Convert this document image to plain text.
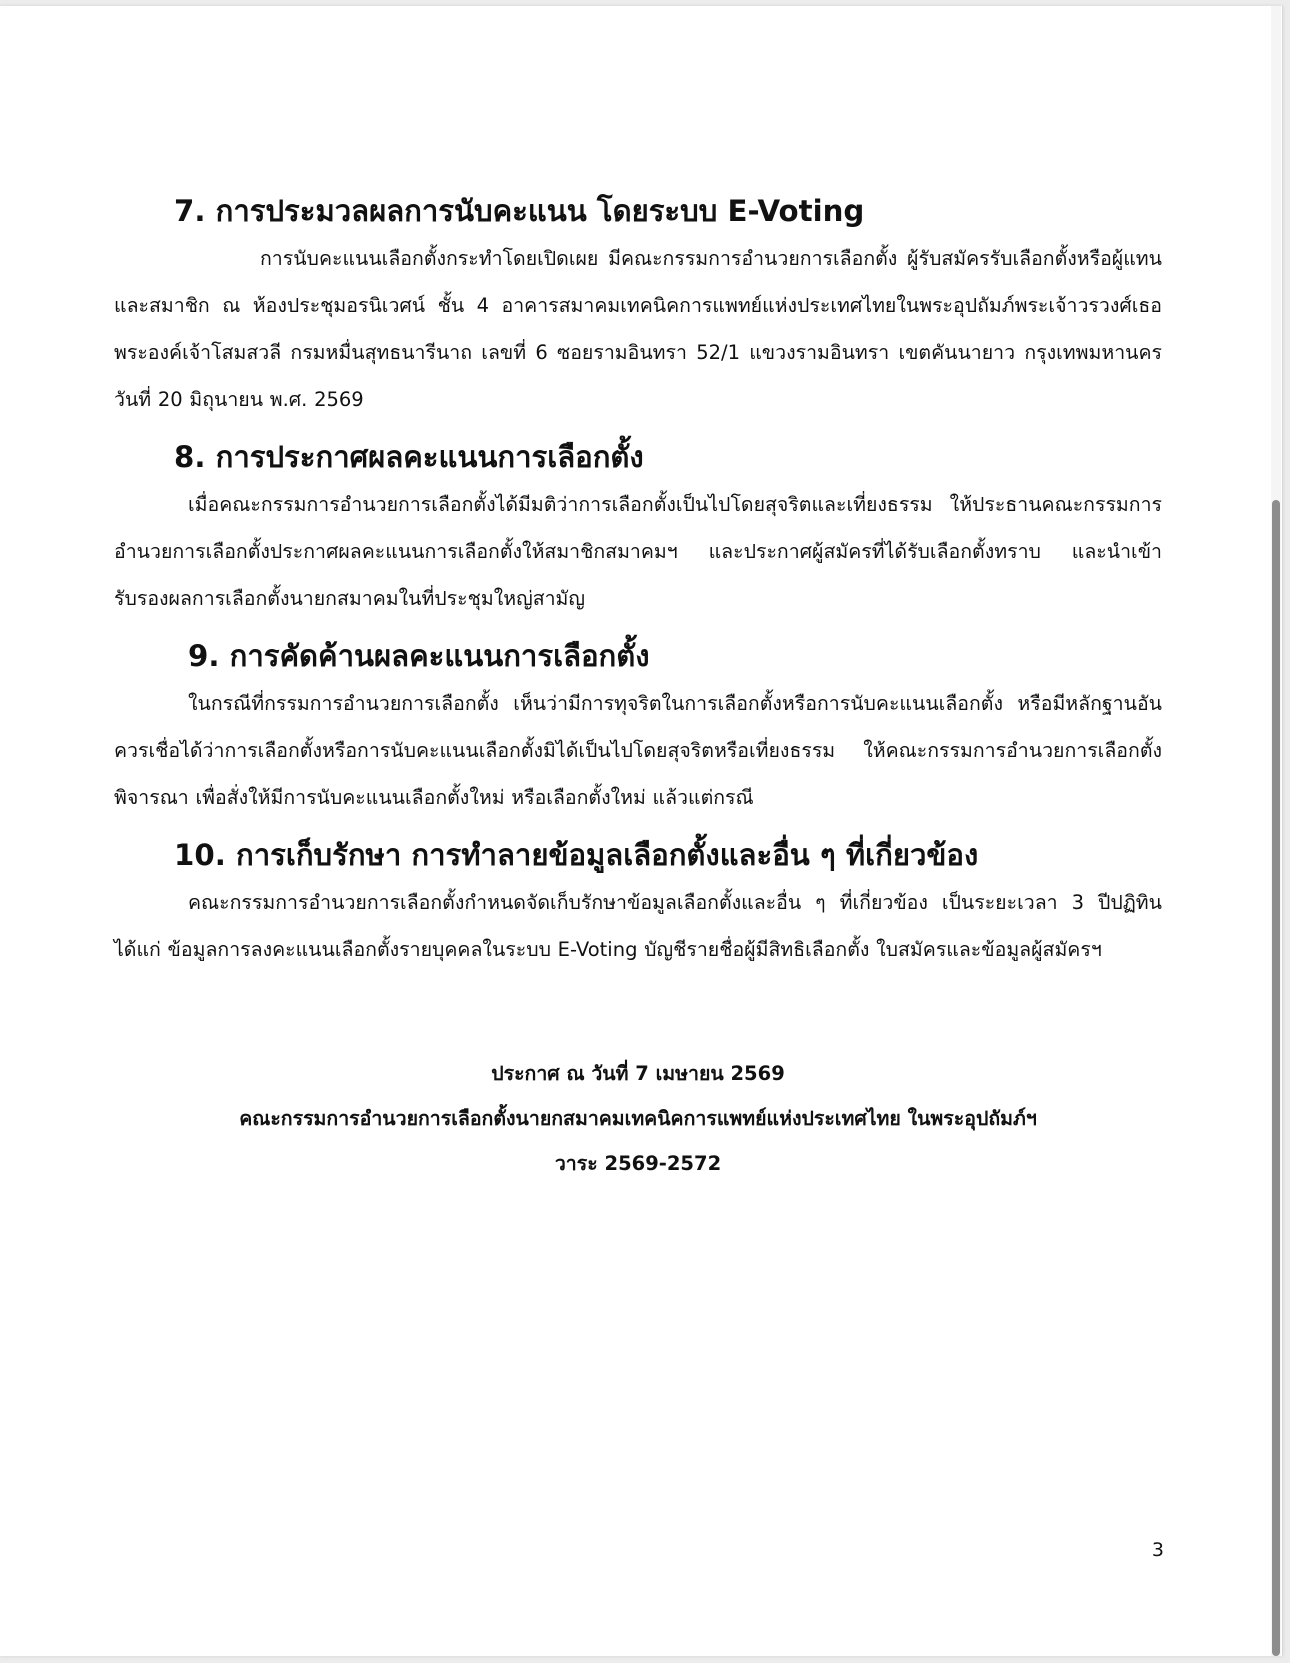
7. การประมวลผลการนับคะแนน โดยระบบ E-Voting

การนับคะแนนเลือกตั้งกระทำโดยเปิดเผย มีคณะกรรมการอำนวยการเลือกตั้ง ผู้รับสมัครรับเลือกตั้งหรือผู้แทน และสมาชิก ณ ห้องประชุมอรนิเวศน์ ชั้น 4 อาคารสมาคมเทคนิคการแพทย์แห่งประเทศไทยในพระอุปถัมภ์พระเจ้าวรวงศ์เธอ พระองค์เจ้าโสมสวลี กรมหมื่นสุทธนารีนาถ เลขที่ 6 ซอยรามอินทรา 52/1 แขวงรามอินทรา เขตคันนายาว กรุงเทพมหานคร วันที่ 20 มิถุนายน พ.ศ. 2569

8. การประกาศผลคะแนนการเลือกตั้ง

เมื่อคณะกรรมการอำนวยการเลือกตั้งได้มีมติว่าการเลือกตั้งเป็นไปโดยสุจริตและเที่ยงธรรม ให้ประธานคณะกรรมการอำนวยการเลือกตั้งประกาศผลคะแนนการเลือกตั้งให้สมาชิกสมาคมฯ และประกาศผู้สมัครที่ได้รับเลือกตั้งทราบ และนำเข้ารับรองผลการเลือกตั้งนายกสมาคมในที่ประชุมใหญ่สามัญ

9. การคัดค้านผลคะแนนการเลือกตั้ง

ในกรณีที่กรรมการอำนวยการเลือกตั้ง เห็นว่ามีการทุจริตในการเลือกตั้งหรือการนับคะแนนเลือกตั้ง หรือมีหลักฐานอันควรเชื่อได้ว่าการเลือกตั้งหรือการนับคะแนนเลือกตั้งมิได้เป็นไปโดยสุจริตหรือเที่ยงธรรม ให้คณะกรรมการอำนวยการเลือกตั้งพิจารณา เพื่อสั่งให้มีการนับคะแนนเลือกตั้งใหม่ หรือเลือกตั้งใหม่ แล้วแต่กรณี

10. การเก็บรักษา การทำลายข้อมูลเลือกตั้งและอื่น ๆ ที่เกี่ยวข้อง

คณะกรรมการอำนวยการเลือกตั้งกำหนดจัดเก็บรักษาข้อมูลเลือกตั้งและอื่น ๆ ที่เกี่ยวข้อง เป็นระยะเวลา 3 ปีปฏิทิน ได้แก่ ข้อมูลการลงคะแนนเลือกตั้งรายบุคคลในระบบ E-Voting บัญชีรายชื่อผู้มีสิทธิเลือกตั้ง ใบสมัครและข้อมูลผู้สมัครฯ

ประกาศ ณ วันที่ 7 เมษายน 2569
คณะกรรมการอำนวยการเลือกตั้งนายกสมาคมเทคนิคการแพทย์แห่งประเทศไทย ในพระอุปถัมภ์ฯ
วาระ 2569-2572
3
